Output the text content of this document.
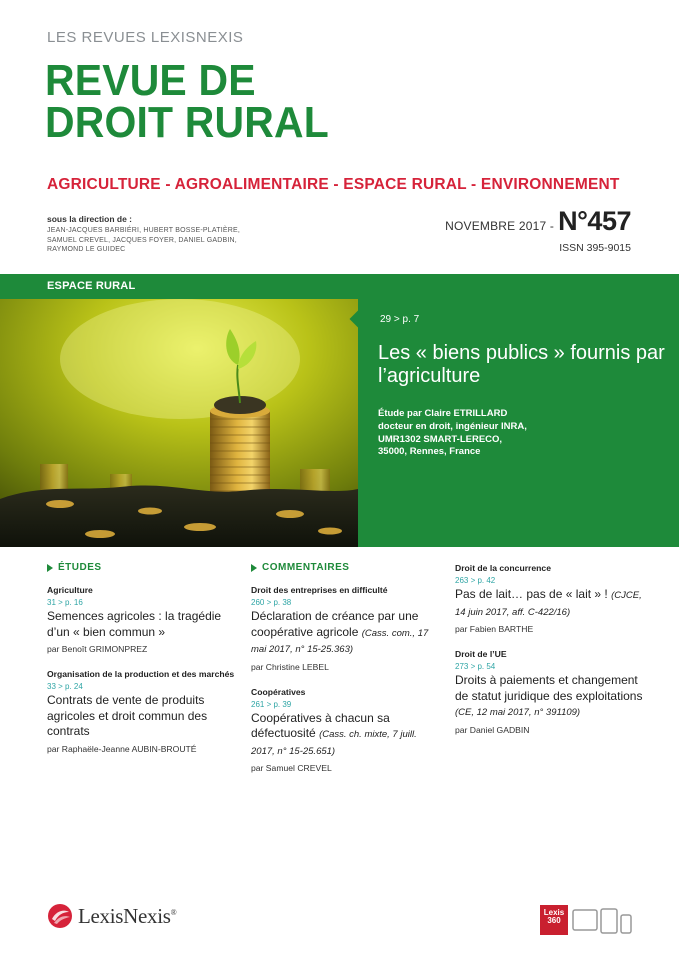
LES REVUES LEXISNEXIS
REVUE DE
DROIT RURAL
AGRICULTURE - AGROALIMENTAIRE - ESPACE RURAL - ENVIRONNEMENT
sous la direction de :
JEAN-JACQUES BARBIÉRI, HUBERT BOSSE-PLATIÈRE,
SAMUEL CREVEL, JACQUES FOYER, DANIEL GADBIN,
RAYMOND LE GUIDEC
NOVEMBRE 2017 - N°457
ISSN 395-9015
ESPACE RURAL
29 > p. 7
Les « biens publics » fournis par l’agriculture
Étude par Claire ETRILLARD
docteur en droit, ingénieur INRA,
UMR1302 SMART-LERECO,
35000, Rennes, France
ÉTUDES
Agriculture
31 > p. 16
Semences agricoles : la tragédie d’un « bien commun »
par Benoît GRIMONPREZ
Organisation de la production et des marchés
33 > p. 24
Contrats de vente de produits agricoles et droit commun des contrats
par Raphaële-Jeanne AUBIN-BROUTÉ
COMMENTAIRES
Droit des entreprises en difficulté
260 > p. 38
Déclaration de créance par une coopérative agricole (Cass. com., 17 mai 2017, n° 15-25.363)
par Christine LEBEL
Coopératives
261 > p. 39
Coopératives à chacun sa défectuosité (Cass. ch. mixte, 7 juill. 2017, n° 15-25.651)
par Samuel CREVEL
Droit de la concurrence
263 > p. 42
Pas de lait… pas de « lait » ! (CJCE, 14 juin 2017, aff. C-422/16)
par Fabien BARTHE
Droit de l’UE
273 > p. 54
Droits à paiements et changement de statut juridique des exploitations (CE, 12 mai 2017, n° 391109)
par Daniel GADBIN
LexisNexis®	Lexis
360
